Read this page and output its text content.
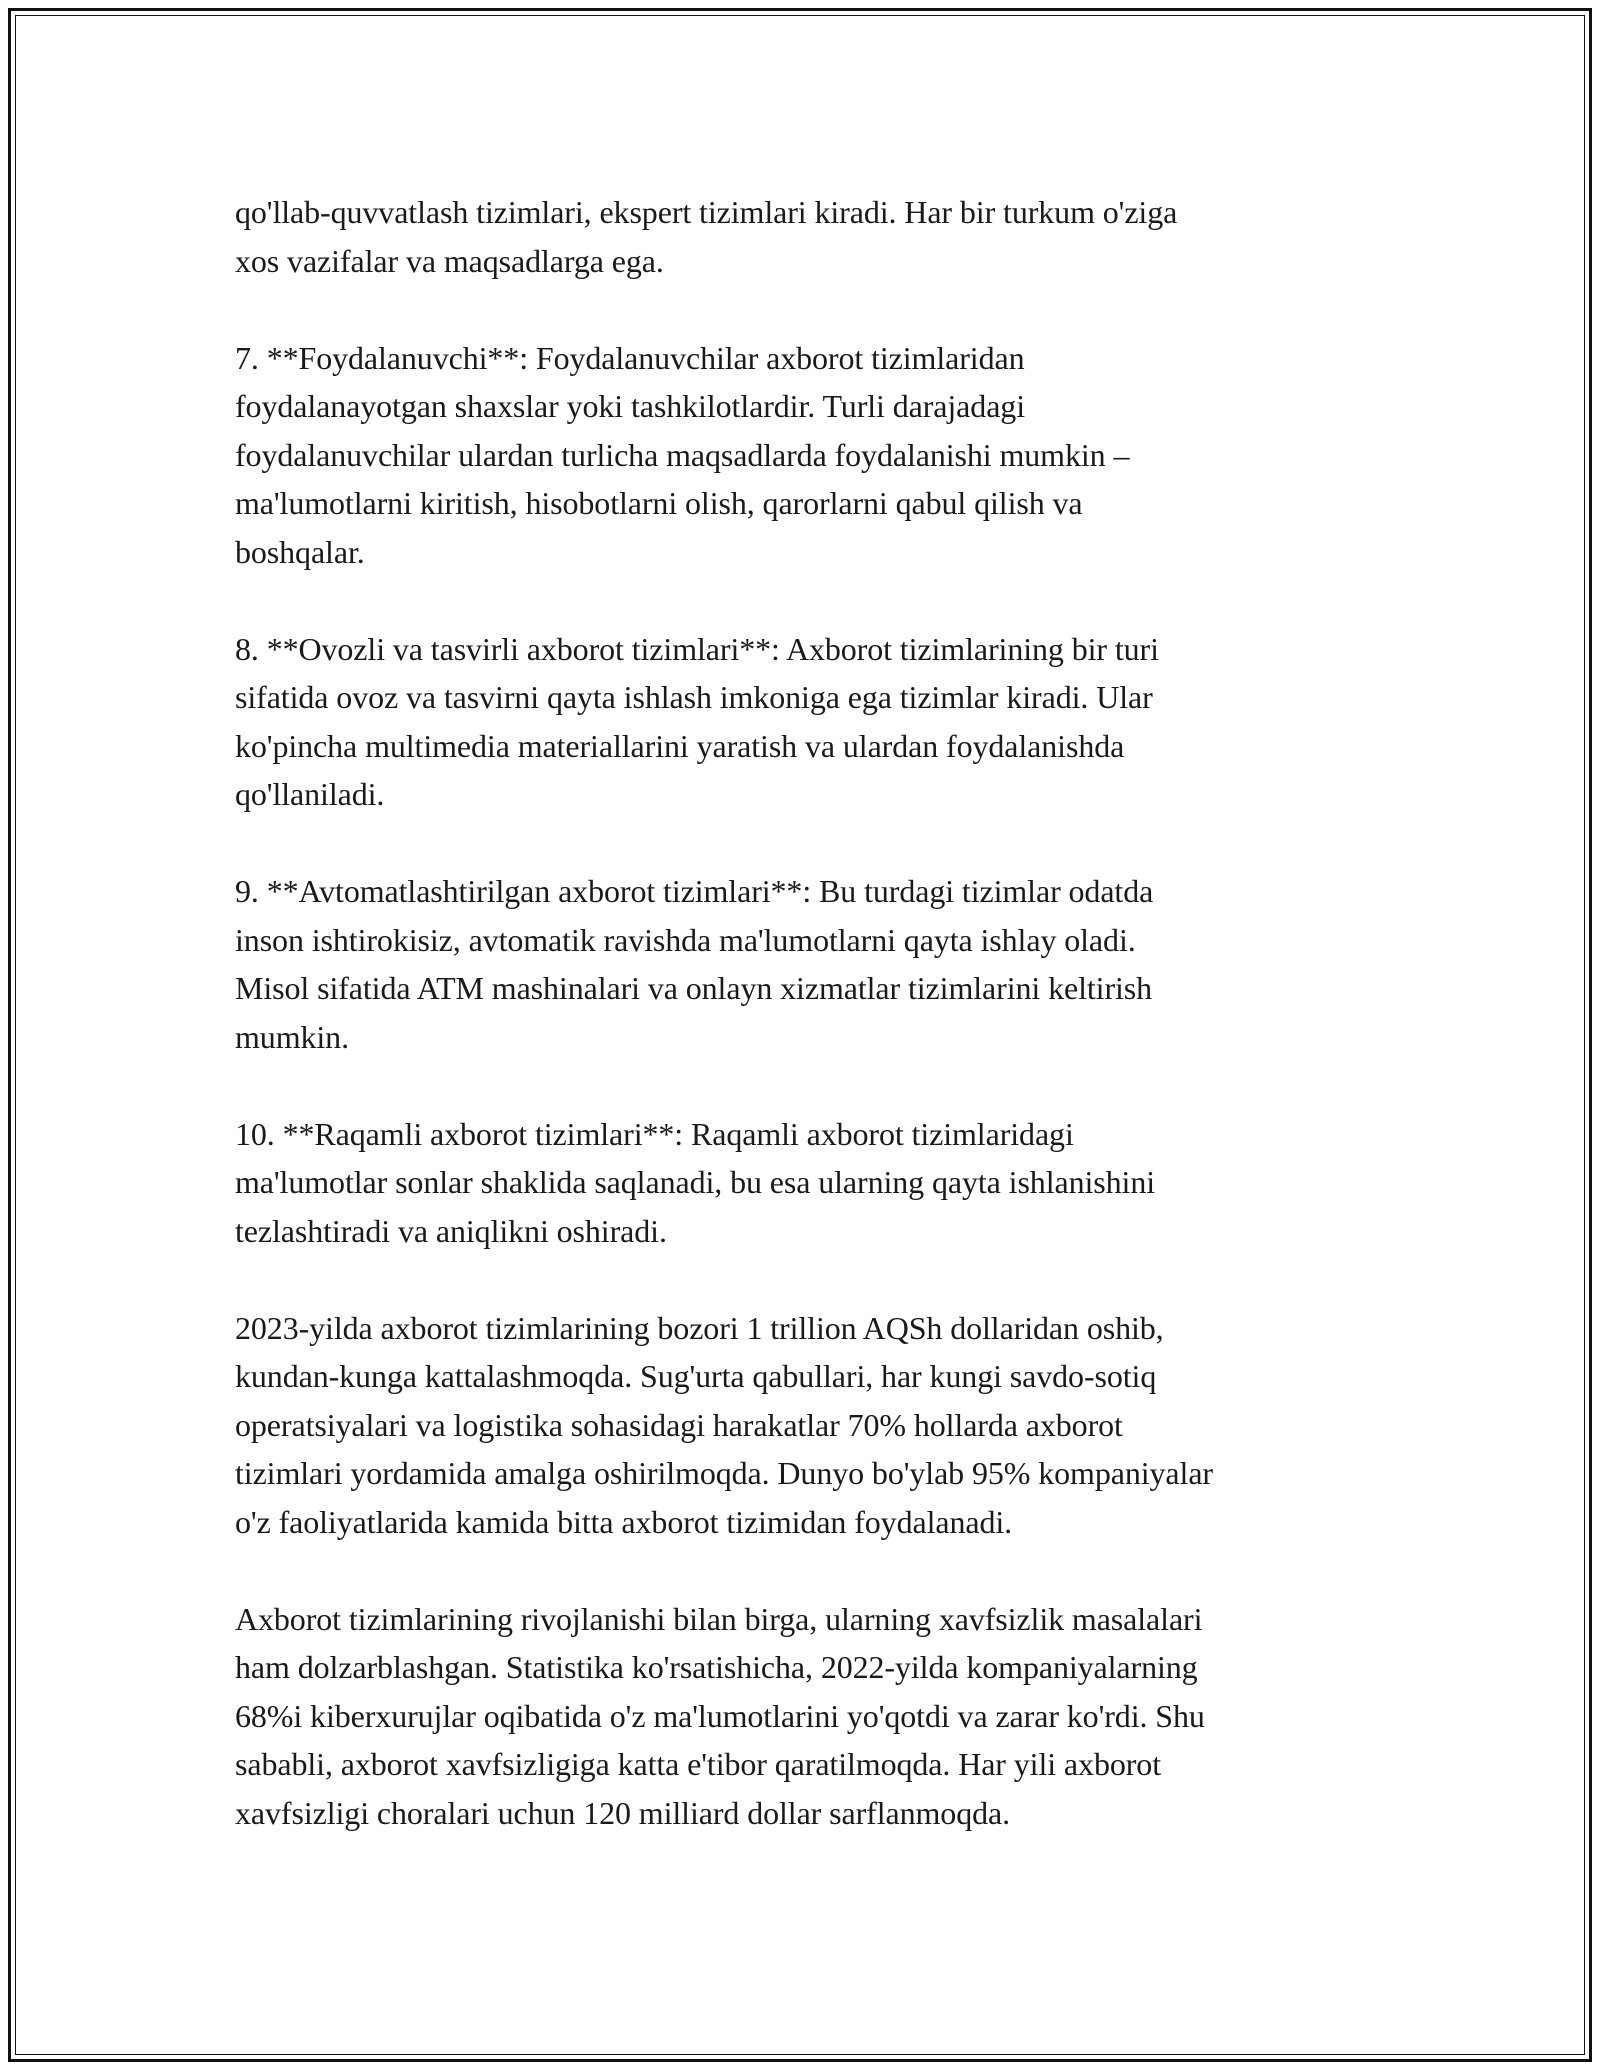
qo'llab-quvvatlash tizimlari, ekspert tizimlari kiradi. Har bir turkum o'ziga
xos vazifalar va maqsadlarga ega.

7. **Foydalanuvchi**: Foydalanuvchilar axborot tizimlaridan
foydalanayotgan shaxslar yoki tashkilotlardir. Turli darajadagi
foydalanuvchilar ulardan turlicha maqsadlarda foydalanishi mumkin –
ma'lumotlarni kiritish, hisobotlarni olish, qarorlarni qabul qilish va
boshqalar.

8. **Ovozli va tasvirli axborot tizimlari**: Axborot tizimlarining bir turi
sifatida ovoz va tasvirni qayta ishlash imkoniga ega tizimlar kiradi. Ular
ko'pincha multimedia materiallarini yaratish va ulardan foydalanishda
qo'llaniladi.

9. **Avtomatlashtirilgan axborot tizimlari**: Bu turdagi tizimlar odatda
inson ishtirokisiz, avtomatik ravishda ma'lumotlarni qayta ishlay oladi.
Misol sifatida ATM mashinalari va onlayn xizmatlar tizimlarini keltirish
mumkin.

10. **Raqamli axborot tizimlari**: Raqamli axborot tizimlaridagi
ma'lumotlar sonlar shaklida saqlanadi, bu esa ularning qayta ishlanishini
tezlashtiradi va aniqlikni oshiradi.

2023-yilda axborot tizimlarining bozori 1 trillion AQSh dollaridan oshib,
kundan-kunga kattalashmoqda. Sug'urta qabullari, har kungi savdo-sotiq
operatsiyalari va logistika sohasidagi harakatlar 70% hollarda axborot
tizimlari yordamida amalga oshirilmoqda. Dunyo bo'ylab 95% kompaniyalar
o'z faoliyatlarida kamida bitta axborot tizimidan foydalanadi.

Axborot tizimlarining rivojlanishi bilan birga, ularning xavfsizlik masalalari
ham dolzarblashgan. Statistika ko'rsatishicha, 2022-yilda kompaniyalarning
68%i kiberxurujlar oqibatida o'z ma'lumotlarini yo'qotdi va zarar ko'rdi. Shu
sababli, axborot xavfsizligiga katta e'tibor qaratilmoqda. Har yili axborot
xavfsizligi choralari uchun 120 milliard dollar sarflanmoqda.
